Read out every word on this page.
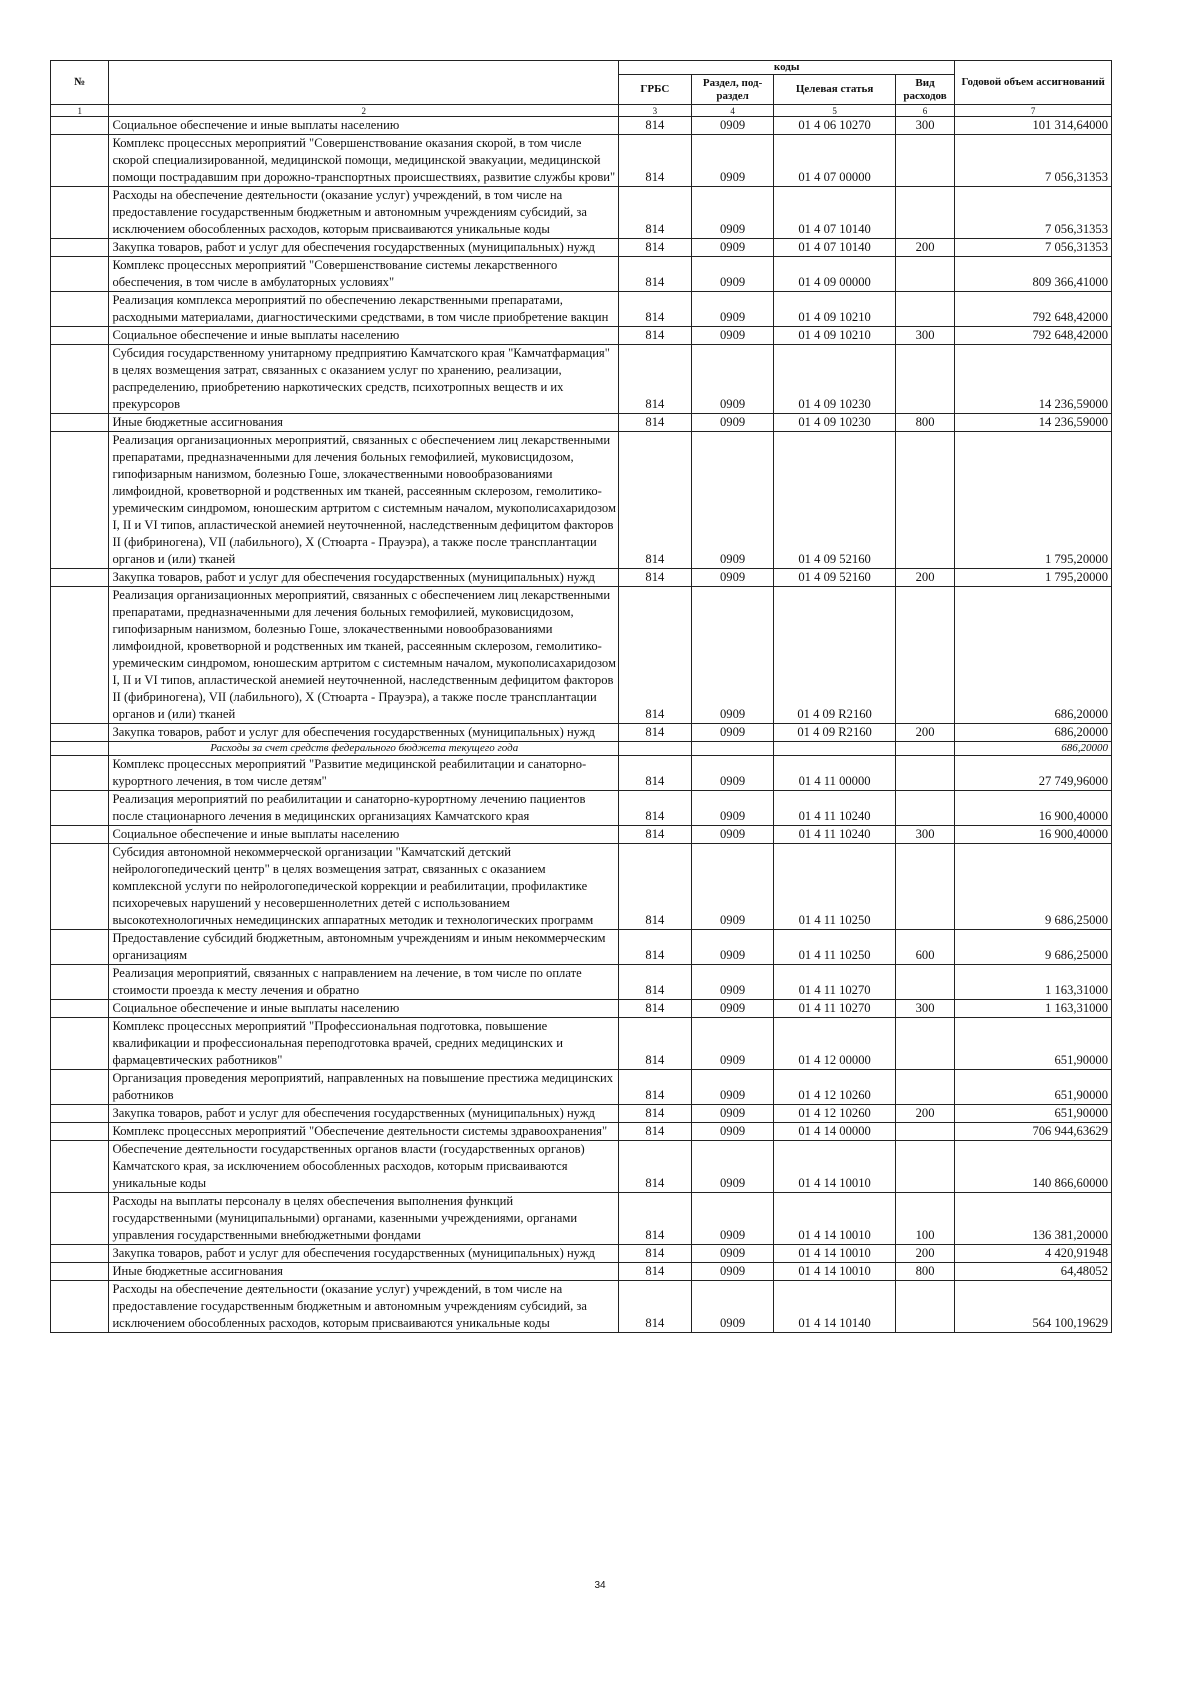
№		коды				Годовой объем ассигнований
		ГРБС	Раздел, под- раздел	Целевая статья	Вид расходов	
1	2	3	4	5	6	7
	Социальное обеспечение и иные выплаты населению	814	0909	01 4 06 10270	300	101 314,64000
	Комплекс процессных мероприятий "Совершенствование оказания скорой, в том числе скорой специализированной, медицинской помощи, медицинской эвакуации, медицинской помощи пострадавшим при дорожно-транспортных происшествиях, развитие службы крови"	814	0909	01 4 07 00000		7 056,31353
	Расходы на обеспечение деятельности (оказание услуг) учреждений, в том числе на предоставление государственным бюджетным и автономным учреждениям субсидий, за исключением обособленных расходов, которым присваиваются уникальные коды	814	0909	01 4 07 10140		7 056,31353
	Закупка товаров, работ и услуг для обеспечения государственных (муниципальных) нужд	814	0909	01 4 07 10140	200	7 056,31353
	Комплекс процессных мероприятий "Совершенствование системы лекарственного обеспечения, в том числе в амбулаторных условиях"	814	0909	01 4 09 00000		809 366,41000
	Реализация комплекса мероприятий по обеспечению лекарственными препаратами, расходными материалами, диагностическими средствами, в том числе приобретение вакцин	814	0909	01 4 09 10210		792 648,42000
	Социальное обеспечение и иные выплаты населению	814	0909	01 4 09 10210	300	792 648,42000
	Субсидия государственному унитарному предприятию Камчатского края "Камчатфармация" в целях возмещения затрат, связанных с оказанием услуг по хранению, реализации, распределению, приобретению наркотических средств, психотропных веществ и их прекурсоров	814	0909	01 4 09 10230		14 236,59000
	Иные бюджетные ассигнования	814	0909	01 4 09 10230	800	14 236,59000
	Реализация организационных мероприятий, связанных с обеспечением лиц лекарственными препаратами, предназначенными для лечения больных гемофилией, муковисцидозом, гипофизарным нанизмом, болезнью Гоше, злокачественными новообразованиями лимфоидной, кроветворной и родственных им тканей, рассеянным склерозом, гемолитико-уремическим синдромом, юношеским артритом с системным началом, мукополисахаридозом I, II и VI типов, апластической анемией неуточненной, наследственным дефицитом факторов II (фибриногена), VII (лабильного), X (Стюарта - Прауэра), а также после трансплантации органов и (или) тканей	814	0909	01 4 09 52160		1 795,20000
	Закупка товаров, работ и услуг для обеспечения государственных (муниципальных) нужд	814	0909	01 4 09 52160	200	1 795,20000
	Реализация организационных мероприятий, связанных с обеспечением лиц лекарственными препаратами, предназначенными для лечения больных гемофилией, муковисцидозом, гипофизарным нанизмом, болезнью Гоше, злокачественными новообразованиями лимфоидной, кроветворной и родственных им тканей, рассеянным склерозом, гемолитико-уремическим синдромом, юношеским артритом с системным началом, мукополисахаридозом I, II и VI типов, апластической анемией неуточненной, наследственным дефицитом факторов II (фибриногена), VII (лабильного), X (Стюарта - Прауэра), а также после трансплантации органов и (или) тканей	814	0909	01 4 09 R2160		686,20000
	Закупка товаров, работ и услуг для обеспечения государственных (муниципальных) нужд	814	0909	01 4 09 R2160	200	686,20000
	Расходы за счет средств федерального бюджета текущего года					686,20000
	Комплекс процессных мероприятий "Развитие медицинской реабилитации и санаторно-курортного лечения, в том числе детям"	814	0909	01 4 11 00000		27 749,96000
	Реализация мероприятий по реабилитации и санаторно-курортному лечению пациентов после стационарного лечения в медицинских организациях Камчатского края	814	0909	01 4 11 10240		16 900,40000
	Социальное обеспечение и иные выплаты населению	814	0909	01 4 11 10240	300	16 900,40000
	Субсидия автономной некоммерческой организации "Камчатский детский нейрологопедический центр" в целях возмещения затрат, связанных с оказанием комплексной услуги по нейрологопедической коррекции и реабилитации, профилактике психоречевых нарушений у несовершеннолетних детей с использованием высокотехнологичных немедицинских аппаратных методик и технологических программ	814	0909	01 4 11 10250		9 686,25000
	Предоставление субсидий бюджетным, автономным учреждениям и иным некоммерческим организациям	814	0909	01 4 11 10250	600	9 686,25000
	Реализация мероприятий, связанных с направлением на лечение, в том числе по оплате стоимости проезда к месту лечения и обратно	814	0909	01 4 11 10270		1 163,31000
	Социальное обеспечение и иные выплаты населению	814	0909	01 4 11 10270	300	1 163,31000
	Комплекс процессных мероприятий "Профессиональная подготовка, повышение квалификации и профессиональная переподготовка врачей, средних медицинских и фармацевтических работников"	814	0909	01 4 12 00000		651,90000
	Организация проведения мероприятий, направленных на повышение престижа медицинских работников	814	0909	01 4 12 10260		651,90000
	Закупка товаров, работ и услуг для обеспечения государственных (муниципальных) нужд	814	0909	01 4 12 10260	200	651,90000
	Комплекс процессных мероприятий "Обеспечение деятельности системы здравоохранения"	814	0909	01 4 14 00000		706 944,63629
	Обеспечение деятельности государственных органов власти (государственных органов) Камчатского края, за исключением обособленных расходов, которым присваиваются уникальные коды	814	0909	01 4 14 10010		140 866,60000
	Расходы на выплаты персоналу в целях обеспечения выполнения функций государственными (муниципальными) органами, казенными учреждениями, органами управления государственными внебюджетными фондами	814	0909	01 4 14 10010	100	136 381,20000
	Закупка товаров, работ и услуг для обеспечения государственных (муниципальных) нужд	814	0909	01 4 14 10010	200	4 420,91948
	Иные бюджетные ассигнования	814	0909	01 4 14 10010	800	64,48052
	Расходы на обеспечение деятельности (оказание услуг) учреждений, в том числе на предоставление государственным бюджетным и автономным учреждениям субсидий, за исключением обособленных расходов, которым присваиваются уникальные коды	814	0909	01 4 14 10140		564 100,19629
34
